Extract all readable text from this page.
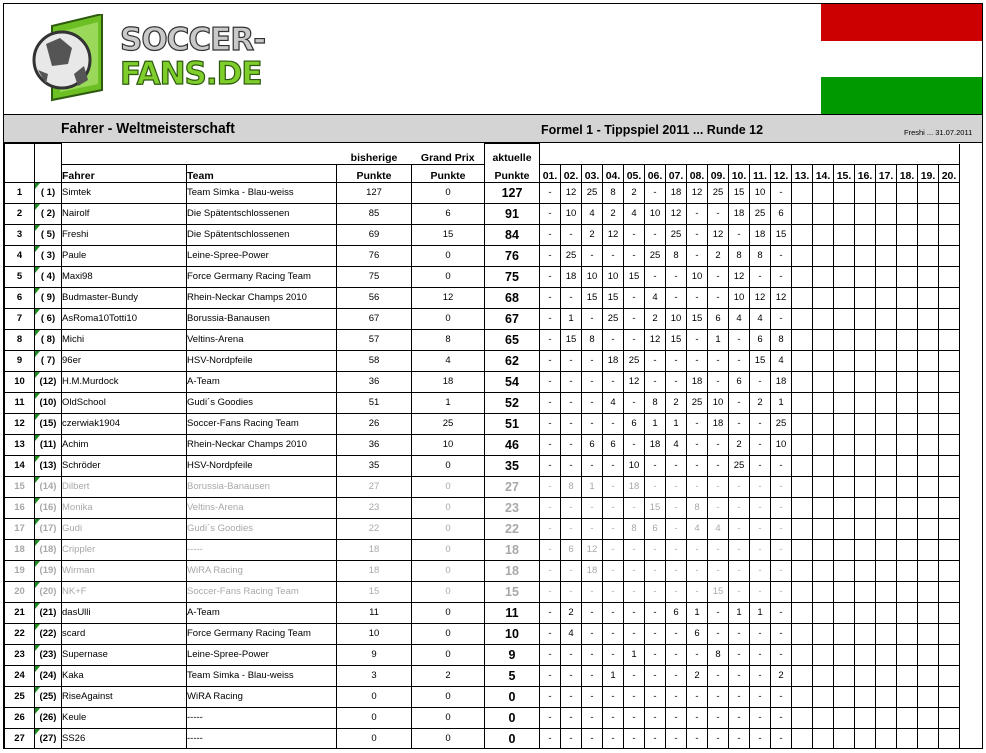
SOCCER-
FANS.DE
Fahrer - Weltmeisterschaft	Formel 1 - Tippspiel 2011 ... Runde 12	Freshi ... 31.07.2011
				bisherige	Grand Prix	aktuelle																				
		Fahrer	Team	Punkte	Punkte	Punkte	01.	02.	03.	04.	05.	06.	07.	08.	09.	10.	11.	12.	13.	14.	15.	16.	17.	18.	19.	20.
1	( 1)	Simtek	Team Simka - Blau-weiss	127	0	127	-	12	25	8	2	-	18	12	25	15	10	-								
2	( 2)	Nairolf	Die Spätentschlossenen	85	6	91	-	10	4	2	4	10	12	-	-	18	25	6								
3	( 5)	Freshi	Die Spätentschlossenen	69	15	84	-	-	2	12	-	-	25	-	12	-	18	15								
4	( 3)	Paule	Leine-Spree-Power	76	0	76	-	25	-	-	-	25	8	-	2	8	8	-								
5	( 4)	Maxi98	Force Germany Racing Team	75	0	75	-	18	10	10	15	-	-	10	-	12	-	-								
6	( 9)	Budmaster-Bundy	Rhein-Neckar Champs 2010	56	12	68	-	-	15	15	-	4	-	-	-	10	12	12								
7	( 6)	AsRoma10Totti10	Borussia-Banausen	67	0	67	-	1	-	25	-	2	10	15	6	4	4	-								
8	( 8)	Michi	Veltins-Arena	57	8	65	-	15	8	-	-	12	15	-	1	-	6	8								
9	( 7)	96er	HSV-Nordpfeile	58	4	62	-	-	-	18	25	-	-	-	-	-	15	4								
10	(12)	H.M.Murdock	A-Team	36	18	54	-	-	-	-	12	-	-	18	-	6	-	18								
11	(10)	OldSchool	Gudi´s Goodies	51	1	52	-	-	-	4	-	8	2	25	10	-	2	1								
12	(15)	czerwiak1904	Soccer-Fans Racing Team	26	25	51	-	-	-	-	6	1	1	-	18	-	-	25								
13	(11)	Achim	Rhein-Neckar Champs 2010	36	10	46	-	-	6	6	-	18	4	-	-	2	-	10								
14	(13)	Schröder	HSV-Nordpfeile	35	0	35	-	-	-	-	10	-	-	-	-	25	-	-								
15	(14)	Dilbert	Borussia-Banausen	27	0	27	-	8	1	-	18	-	-	-	-	-	-	-								
16	(16)	Monika	Veltins-Arena	23	0	23	-	-	-	-	-	15	-	8	-	-	-	-								
17	(17)	Gudi	Gudi´s Goodies	22	0	22	-	-	-	-	8	6	-	4	4	-	-	-								
18	(18)	Crippler	-----	18	0	18	-	6	12	-	-	-	-	-	-	-	-	-								
19	(19)	Wirman	WiRA Racing	18	0	18	-	-	18	-	-	-	-	-	-	-	-	-								
20	(20)	NK+F	Soccer-Fans Racing Team	15	0	15	-	-	-	-	-	-	-	-	15	-	-	-								
21	(21)	dasUlli	A-Team	11	0	11	-	2	-	-	-	-	6	1	-	1	1	-								
22	(22)	scard	Force Germany Racing Team	10	0	10	-	4	-	-	-	-	-	6	-	-	-	-								
23	(23)	Supernase	Leine-Spree-Power	9	0	9	-	-	-	-	1	-	-	-	8	-	-	-								
24	(24)	Kaka	Team Simka - Blau-weiss	3	2	5	-	-	-	1	-	-	-	2	-	-	-	2								
25	(25)	RiseAgainst	WiRA Racing	0	0	0	-	-	-	-	-	-	-	-	-	-	-	-								
26	(26)	Keule	-----	0	0	0	-	-	-	-	-	-	-	-	-	-	-	-								
27	(27)	SS26	-----	0	0	0	-	-	-	-	-	-	-	-	-	-	-	-								
